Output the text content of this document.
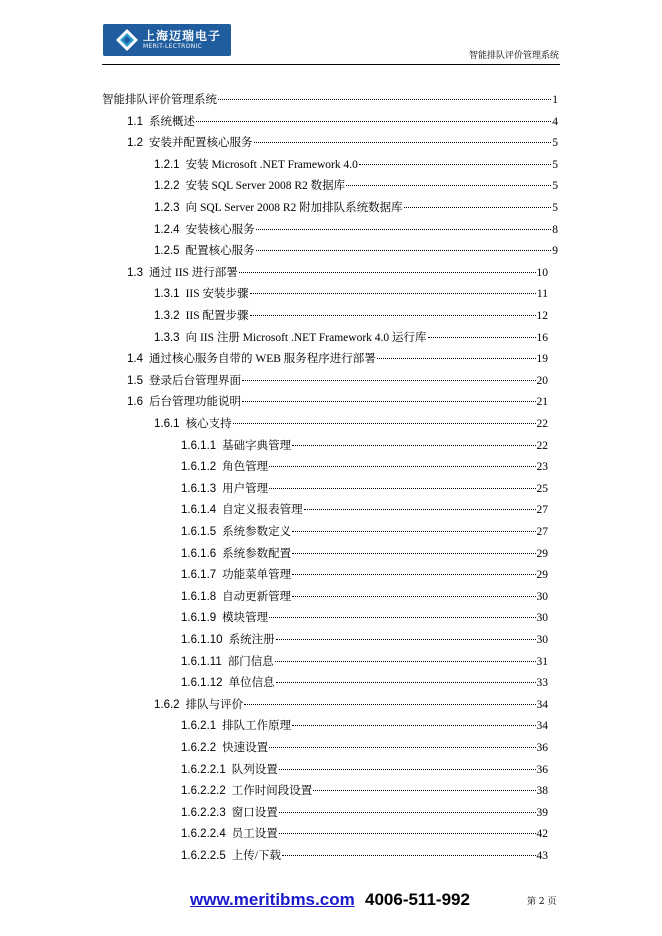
上海迈瑞电子
MERIT-LECTRONIC
智能排队评价管理系统
智能排队评价管理系统	1
1.1 系统概述	4
1.2 安装并配置核心服务	5
1.2.1 安装 Microsoft .NET Framework 4.0	5
1.2.2 安装 SQL Server 2008 R2 数据库	5
1.2.3 向 SQL Server 2008 R2 附加排队系统数据库	5
1.2.4 安装核心服务	8
1.2.5 配置核心服务	9
1.3 通过 IIS 进行部署	10
1.3.1 IIS 安装步骤	11
1.3.2 IIS 配置步骤	12
1.3.3 向 IIS 注册 Microsoft .NET Framework 4.0 运行库	16
1.4 通过核心服务自带的 WEB 服务程序进行部署	19
1.5 登录后台管理界面	20
1.6 后台管理功能说明	21
1.6.1 核心支持	22
1.6.1.1 基础字典管理	22
1.6.1.2 角色管理	23
1.6.1.3 用户管理	25
1.6.1.4 自定义报表管理	27
1.6.1.5 系统参数定义	27
1.6.1.6 系统参数配置	29
1.6.1.7 功能菜单管理	29
1.6.1.8 自动更新管理	30
1.6.1.9 模块管理	30
1.6.1.10 系统注册	30
1.6.1.11 部门信息	31
1.6.1.12 单位信息	33
1.6.2 排队与评价	34
1.6.2.1 排队工作原理	34
1.6.2.2 快速设置	36
1.6.2.2.1 队列设置	36
1.6.2.2.2 工作时间段设置	38
1.6.2.2.3 窗口设置	39
1.6.2.2.4 员工设置	42
1.6.2.2.5 上传/下载	43
www.meritibms.com 4006-511-992	第 2 页
